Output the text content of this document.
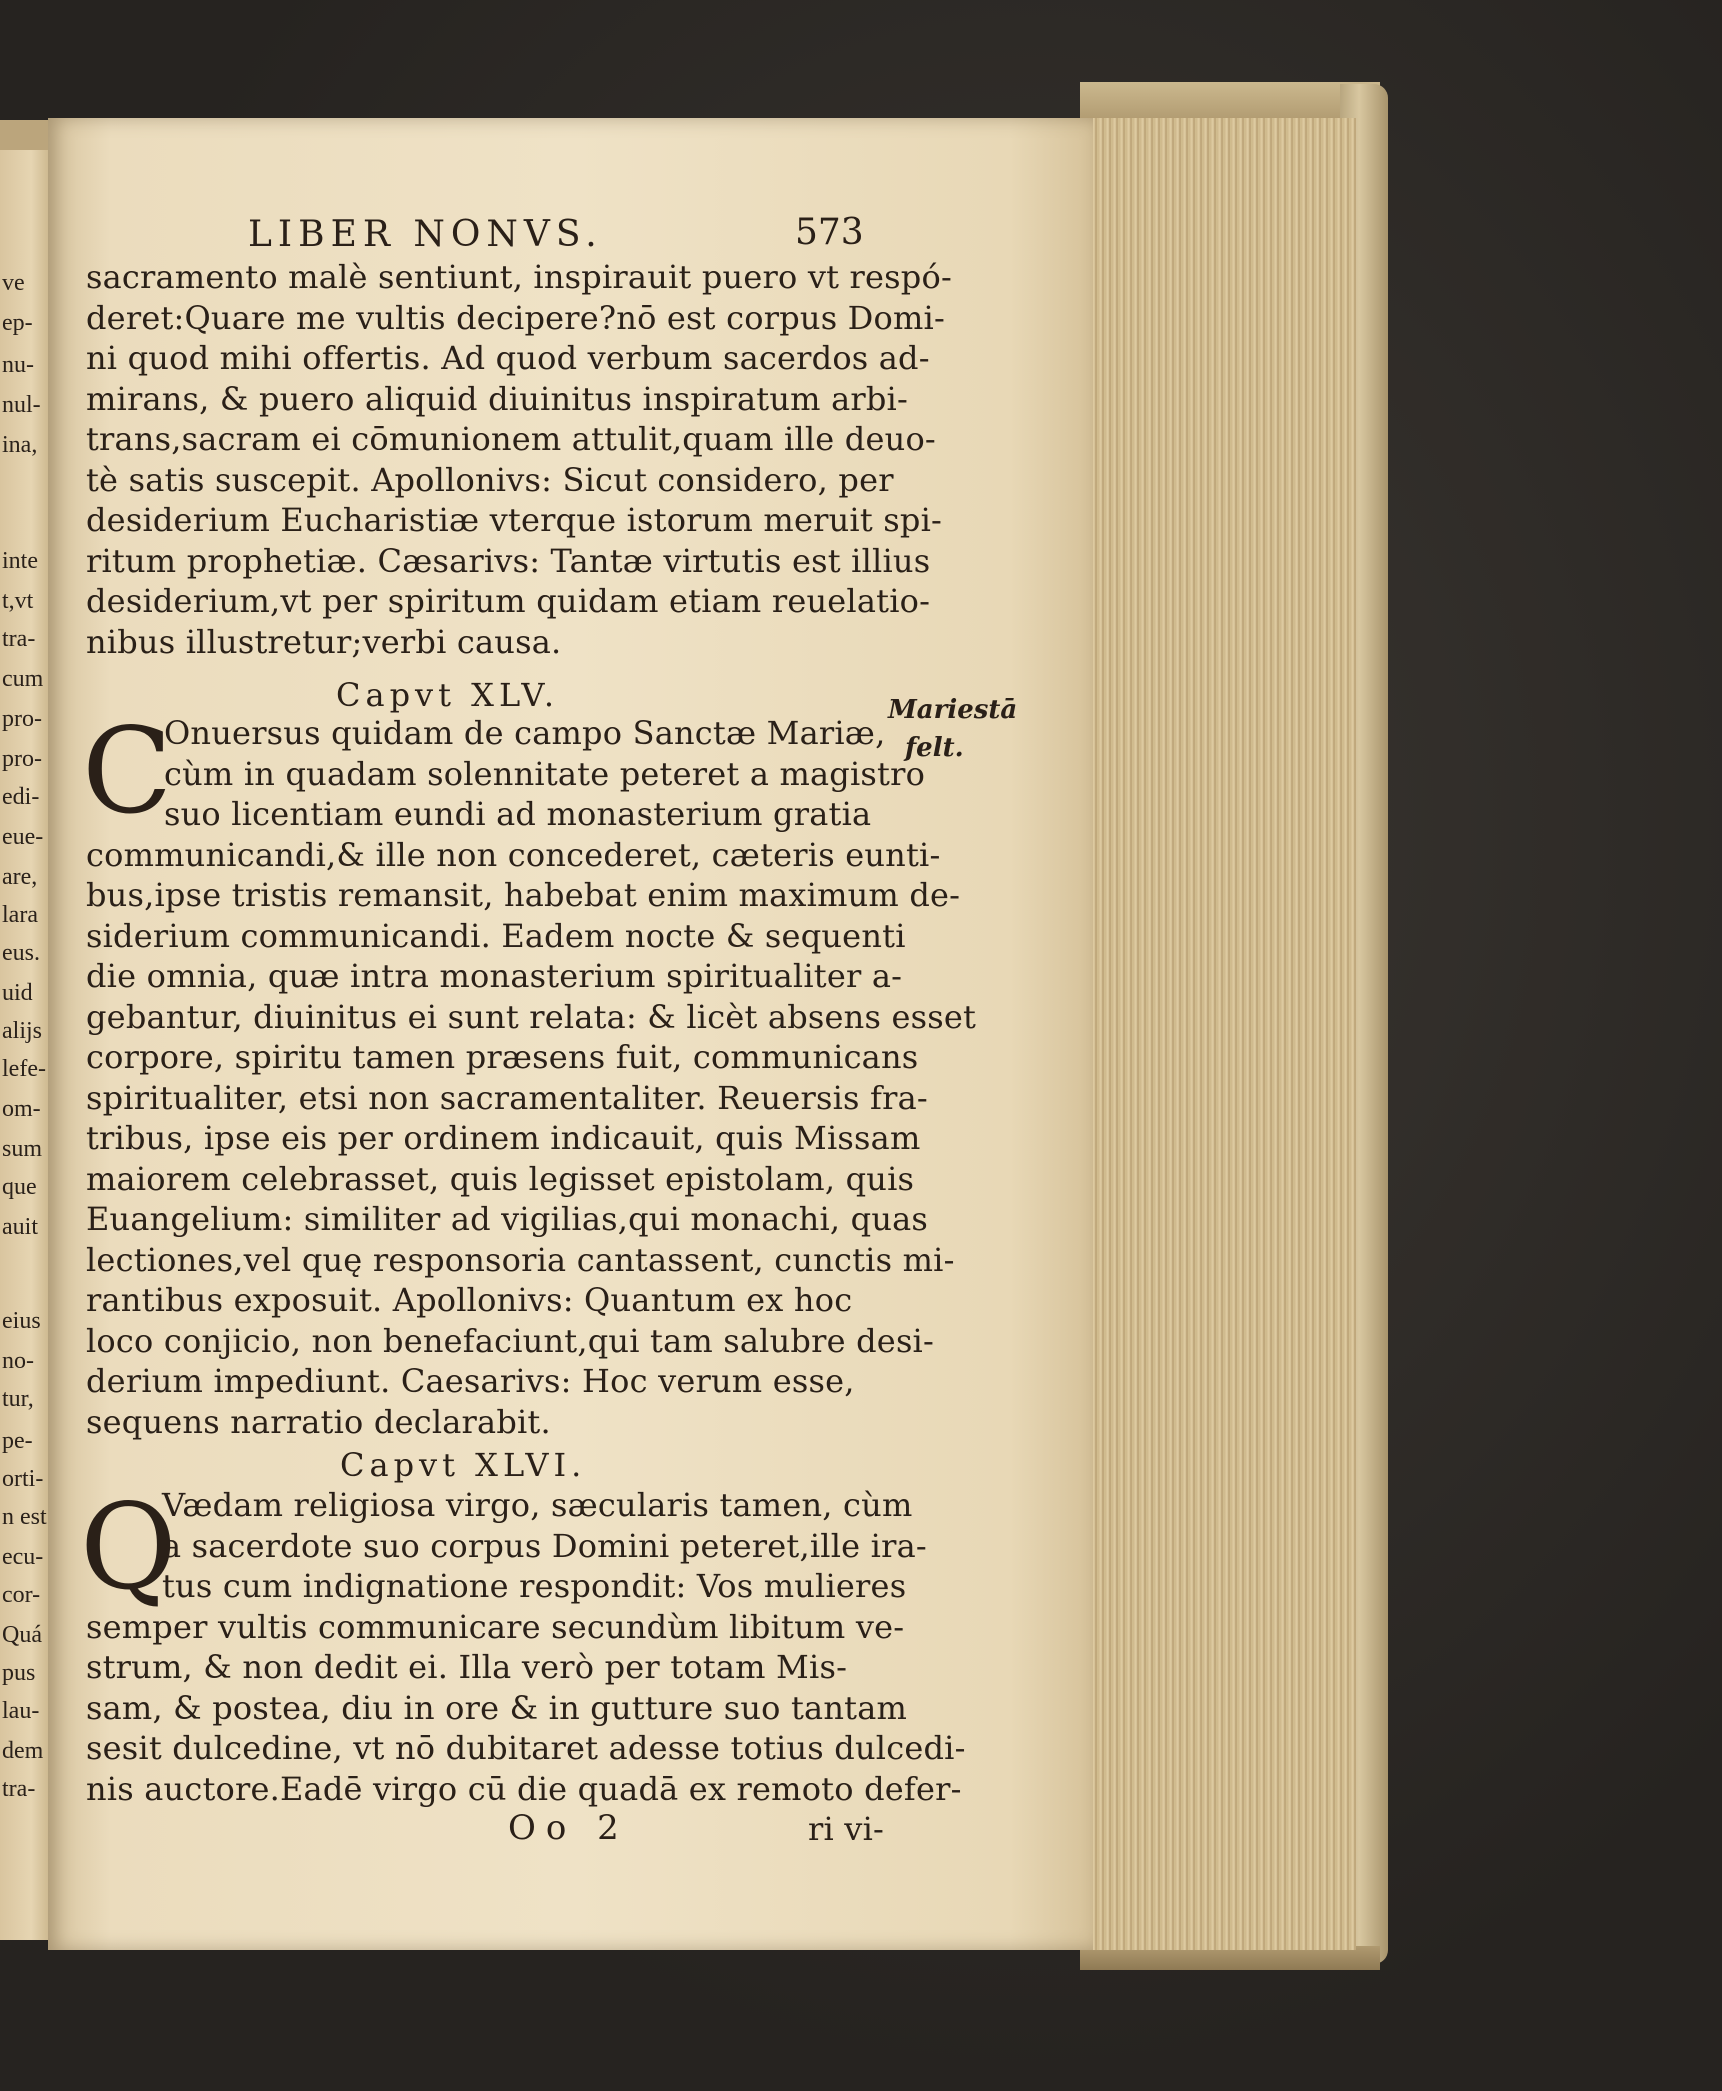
ve
ep-
nu-
nul-
ina,
inte
t,vt
tra-
cum
pro-
pro-
edi-
eue-
are,
lara
eus.
uid
alijs
lefe-
om-
sum
que
auit
eius
no-
tur,
pe-
orti-
n est
ecu-
cor-
Quá
pus
lau-
dem
tra-
LIBER NONVS.	573
sacramento malè sentiunt, inspirauit puero vt respó-
deret:Quare me vultis decipere?nō est corpus Domi-
ni quod mihi offertis. Ad quod verbum sacerdos ad-
mirans, & puero aliquid diuinitus inspiratum arbi-
trans,sacram ei cōmunionem attulit,quam ille deuo-
tè satis suscepit. Apollonivs: Sicut considero, per
desiderium Eucharistiæ vterque istorum meruit spi-
ritum prophetiæ. Cæsarivs: Tantæ virtutis est illius
desiderium,vt per spiritum quidam etiam reuelatio-
nibus illustretur;verbi causa.
Capvt XLV.	Mariestā
felt.
C
Onuersus quidam de campo Sanctæ Mariæ,
cùm in quadam solennitate peteret a magistro
suo licentiam eundi ad monasterium gratia
communicandi,& ille non concederet, cæteris eunti-
bus,ipse tristis remansit, habebat enim maximum de-
siderium communicandi. Eadem nocte & sequenti
die omnia, quæ intra monasterium spiritualiter a-
gebantur, diuinitus ei sunt relata: & licèt absens esset
corpore, spiritu tamen præsens fuit, communicans
spiritualiter, etsi non sacramentaliter. Reuersis fra-
tribus, ipse eis per ordinem indicauit, quis Missam
maiorem celebrasset, quis legisset epistolam, quis
Euangelium: similiter ad vigilias,qui monachi, quas
lectiones,vel quę responsoria cantassent, cunctis mi-
rantibus exposuit. Apollonivs: Quantum ex hoc
loco conjicio, non benefaciunt,qui tam salubre desi-
derium impediunt. Caesarivs: Hoc verum esse,
sequens narratio declarabit.
Capvt XLVI.
Q
Vædam religiosa virgo, sæcularis tamen, cùm
a sacerdote suo corpus Domini peteret,ille ira-
tus cum indignatione respondit: Vos mulieres
semper vultis communicare secundùm libitum ve-
strum, & non dedit ei. Illa verò per totam Mis-
sam, & postea, diu in ore & in gutture suo tantam
sesit dulcedine, vt nō dubitaret adesse totius dulcedi-
nis auctore.Eadē virgo cū die quadā ex remoto defer-
Oo 2	ri vi-
